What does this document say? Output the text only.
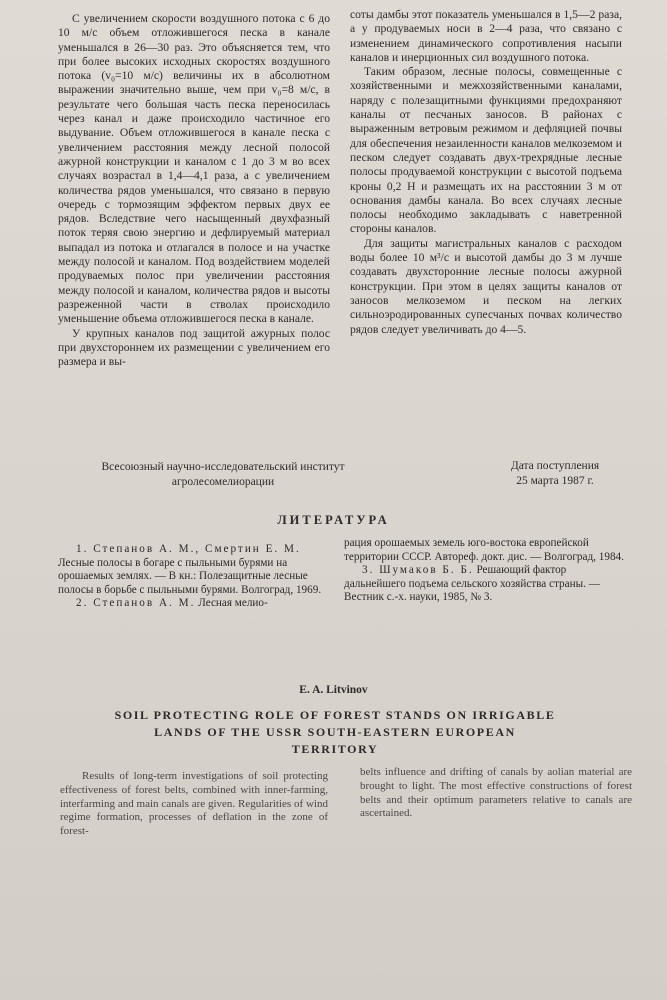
С увеличением скорости воздушного потока с 6 до 10 м/с объем отложившегося песка в канале уменьшался в 26—30 раз. Это объясняется тем, что при более высоких исходных скоростях воздушного потока (v₀=10 м/с) величины их в абсолютном выражении значительно выше, чем при v₀=8 м/с, в результате чего большая часть песка переносилась через канал и даже происходило частичное его выдувание. Объем отложившегося в канале песка с увеличением расстояния между лесной полосой ажурной конструкции и каналом с 1 до 3 м во всех случаях возрастал в 1,4—4,1 раза, а с увеличением количества рядов уменьшался, что связано в первую очередь с тормозящим эффектом первых двух ее рядов. Вследствие чего насыщенный двухфазный поток теряя свою энергию и дефлируемый материал выпадал из потока и отлагался в полосе и на участке между полосой и каналом. Под воздействием моделей продуваемых полос при увеличении расстояния между полосой и каналом, количества рядов и высоты разреженной части в стволах происходило уменьшение объема отложившегося песка в канале.

У крупных каналов под защитой ажурных полос при двухстороннем их размещении с увеличением его размера и вы-

соты дамбы этот показатель уменьшался в 1,5—2 раза, а у продуваемых носи в 2—4 раза, что связано с изменением динамического сопротивления насыпи каналов и инерционных сил воздушного потока.

Таким образом, лесные полосы, совмещенные с хозяйственными и межхозяйственными каналами, наряду с полезащитными функциями предохраняют каналы от песчаных заносов. В районах с выраженным ветровым режимом и дефляцией почвы для обеспечения незаиленности каналов мелкоземом и песком следует создавать двух-трехрядные лесные полосы продуваемой конструкции с высотой подъема кроны 0,2 Н и размещать их на расстоянии 3 м от основания дамбы канала. Во всех случаях лесные полосы необходимо закладывать с наветренной стороны каналов.

Для защиты магистральных каналов с расходом воды более 10 м³/с и высотой дамбы до 3 м лучше создавать двухсторонние лесные полосы ажурной конструкции. При этом в целях защиты каналов от заносов мелкоземом и песком на легких сильноэродированных супесчаных почвах количество рядов следует увеличивать до 4—5.

Всесоюзный научно-исследовательский институт
агролесомелиорации
Дата поступления
25 марта 1987 г.
ЛИТЕРАТУРА

1. Степанов А. М., Смертин Е. М. Лесные полосы в богаре с пыльными бурями на орошаемых землях. — В кн.: Полезащитные лесные полосы в борьбе с пыльными бурями. Волгоград, 1969.

2. Степанов А. М. Лесная мелио-

рация орошаемых земель юго-востока европейской территории СССР. Автореф. докт. дис. — Волгоград, 1984.

3. Шумаков Б. Б. Решающий фактор дальнейшего подъема сельского хозяйства страны. — Вестник с.-х. науки, 1985, № 3.

E. A. Litvinov
SOIL PROTECTING ROLE OF FOREST STANDS ON IRRIGABLE
LANDS OF THE USSR SOUTH-EASTERN EUROPEAN
TERRITORY

Results of long-term investigations of soil protecting effectiveness of forest belts, combined with inner-farming, interfarming and main canals are given. Regularities of wind regime formation, processes of deflation in the zone of forest-

belts influence and drifting of canals by aolian material are brought to light. The most effective constructions of forest belts and their optimum parameters relative to canals are ascertained.
